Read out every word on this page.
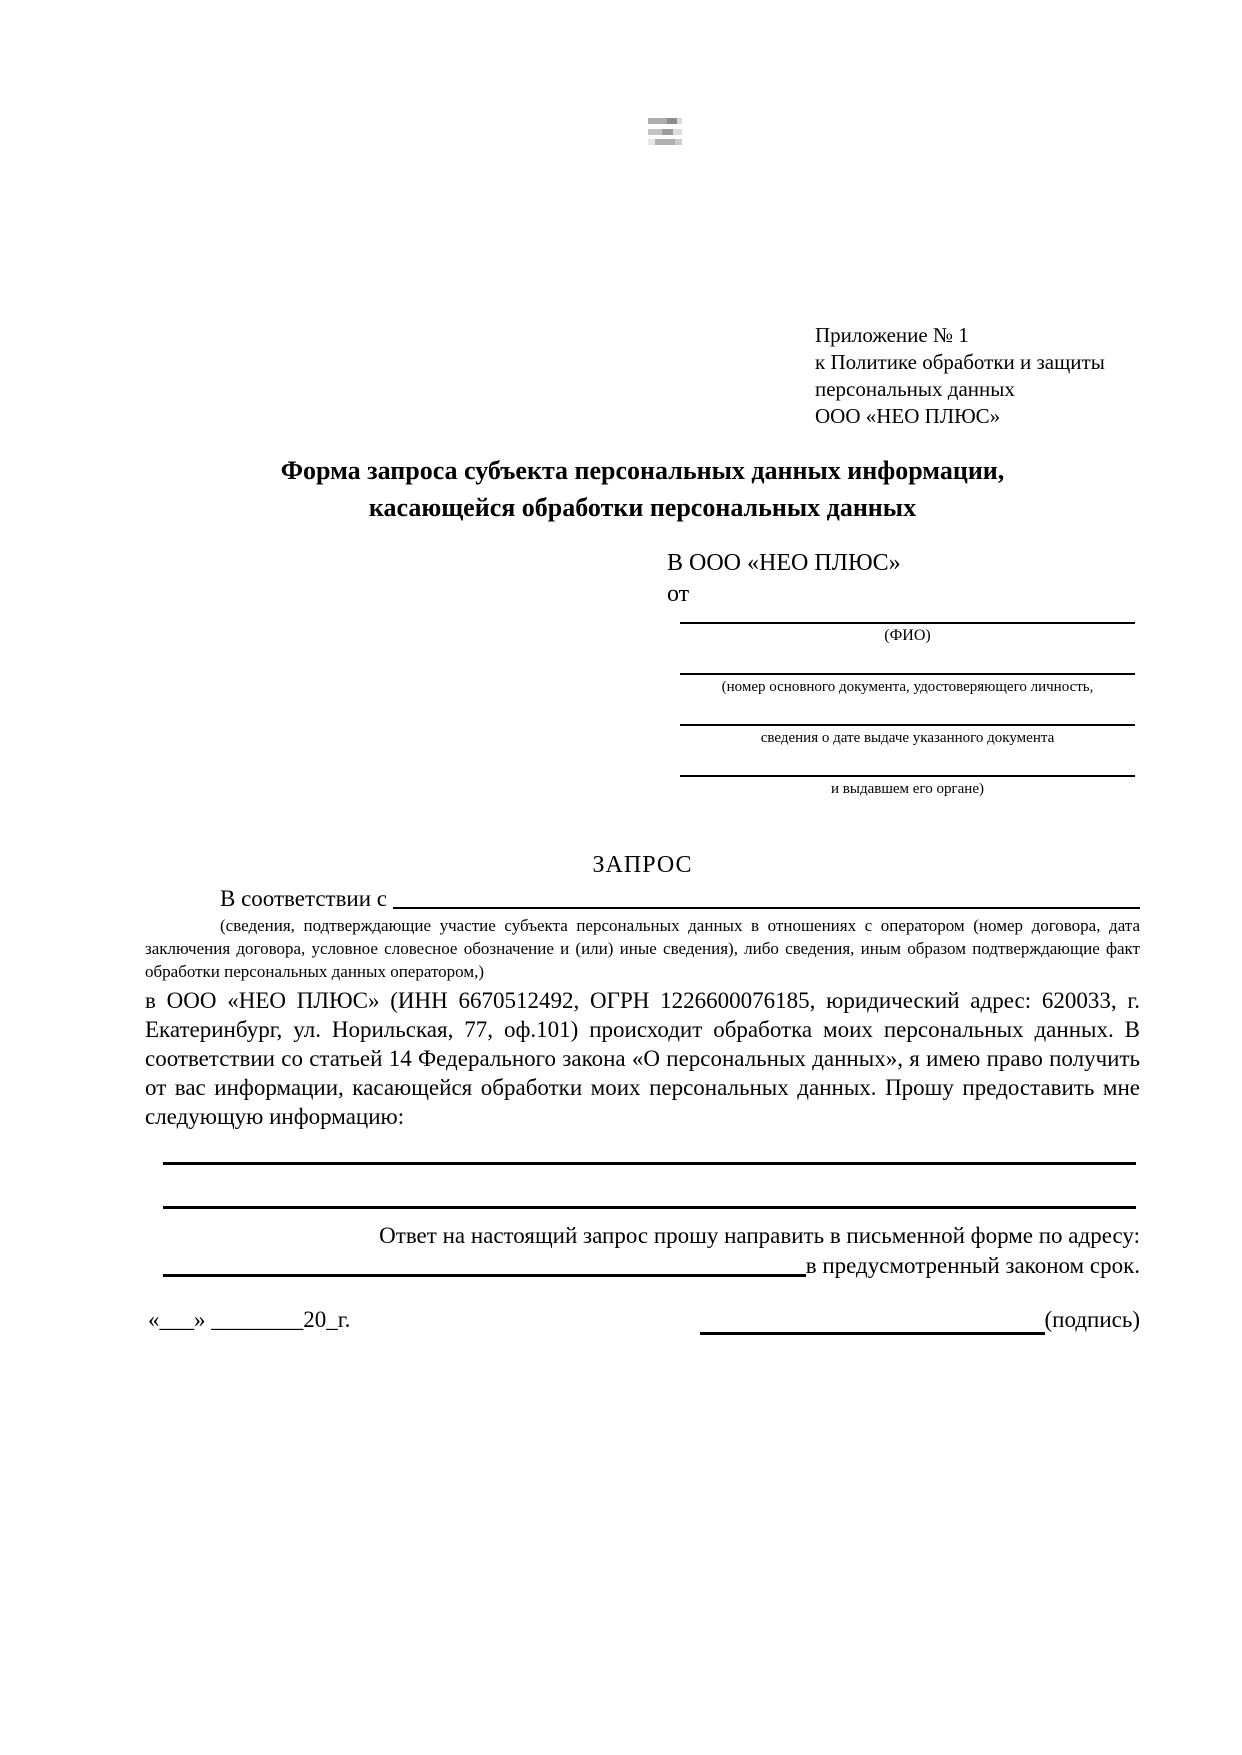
Приложение № 1
к Политике обработки и защиты
персональных данных
ООО «НЕО ПЛЮС»
Форма запроса субъекта персональных данных информации,
касающейся обработки персональных данных
В ООО «НЕО ПЛЮС»
от
(ФИО)
(номер основного документа, удостоверяющего личность,
сведения о дате выдаче указанного документа
и выдавшем его органе)
ЗАПРОС
В соответствии с
(сведения, подтверждающие участие субъекта персональных данных в отношениях с оператором (номер договора, дата заключения договора, условное словесное обозначение и (или) иные сведения), либо сведения, иным образом подтверждающие факт обработки персональных данных оператором,)
в ООО «НЕО ПЛЮС» (ИНН 6670512492, ОГРН 1226600076185, юридический адрес: 620033, г. Екатеринбург, ул. Норильская, 77, оф.101) происходит обработка моих персональных данных. В соответствии со статьей 14 Федерального закона «О персональных данных», я имею право получить от вас информации, касающейся обработки моих персональных данных. Прошу предоставить мне следующую информацию:
Ответ на настоящий запрос прошу направить в письменной форме по адресу:
в предусмотренный законом срок.
«___» ________20_г.	(подпись)
